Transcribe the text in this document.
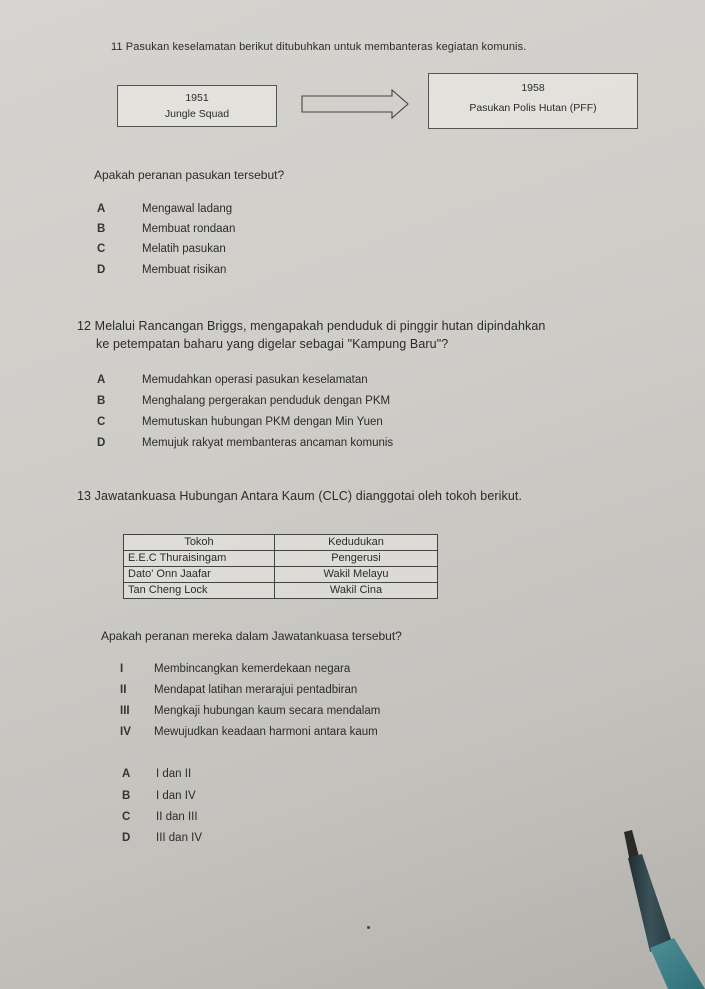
11 Pasukan keselamatan berikut ditubuhkan untuk membanteras kegiatan komunis.
1951
Jungle Squad
1958
Pasukan Polis Hutan (PFF)
Apakah peranan pasukan tersebut?
A	Mengawal ladang
B	Membuat rondaan
C	Melatih pasukan
D	Membuat risikan
12 Melalui Rancangan Briggs, mengapakah penduduk di pinggir hutan dipindahkan
ke petempatan baharu yang digelar sebagai "Kampung Baru"?
A	Memudahkan operasi pasukan keselamatan
B	Menghalang pergerakan penduduk dengan PKM
C	Memutuskan hubungan PKM dengan Min Yuen
D	Memujuk rakyat membanteras ancaman komunis
13 Jawatankuasa Hubungan Antara Kaum (CLC) dianggotai oleh tokoh berikut.
Tokoh	Kedudukan
E.E.C Thuraisingam	Pengerusi
Dato' Onn Jaafar	Wakil Melayu
Tan Cheng Lock	Wakil Cina
Apakah peranan mereka dalam Jawatankuasa tersebut?
I	Membincangkan kemerdekaan negara
II Mendapat latihan merarajui pentadbiran
III Mengkaji hubungan kaum secara mendalam
IV Mewujudkan keadaan harmoni antara kaum
A I dan II
B I dan IV
C II dan III
D III dan IV
